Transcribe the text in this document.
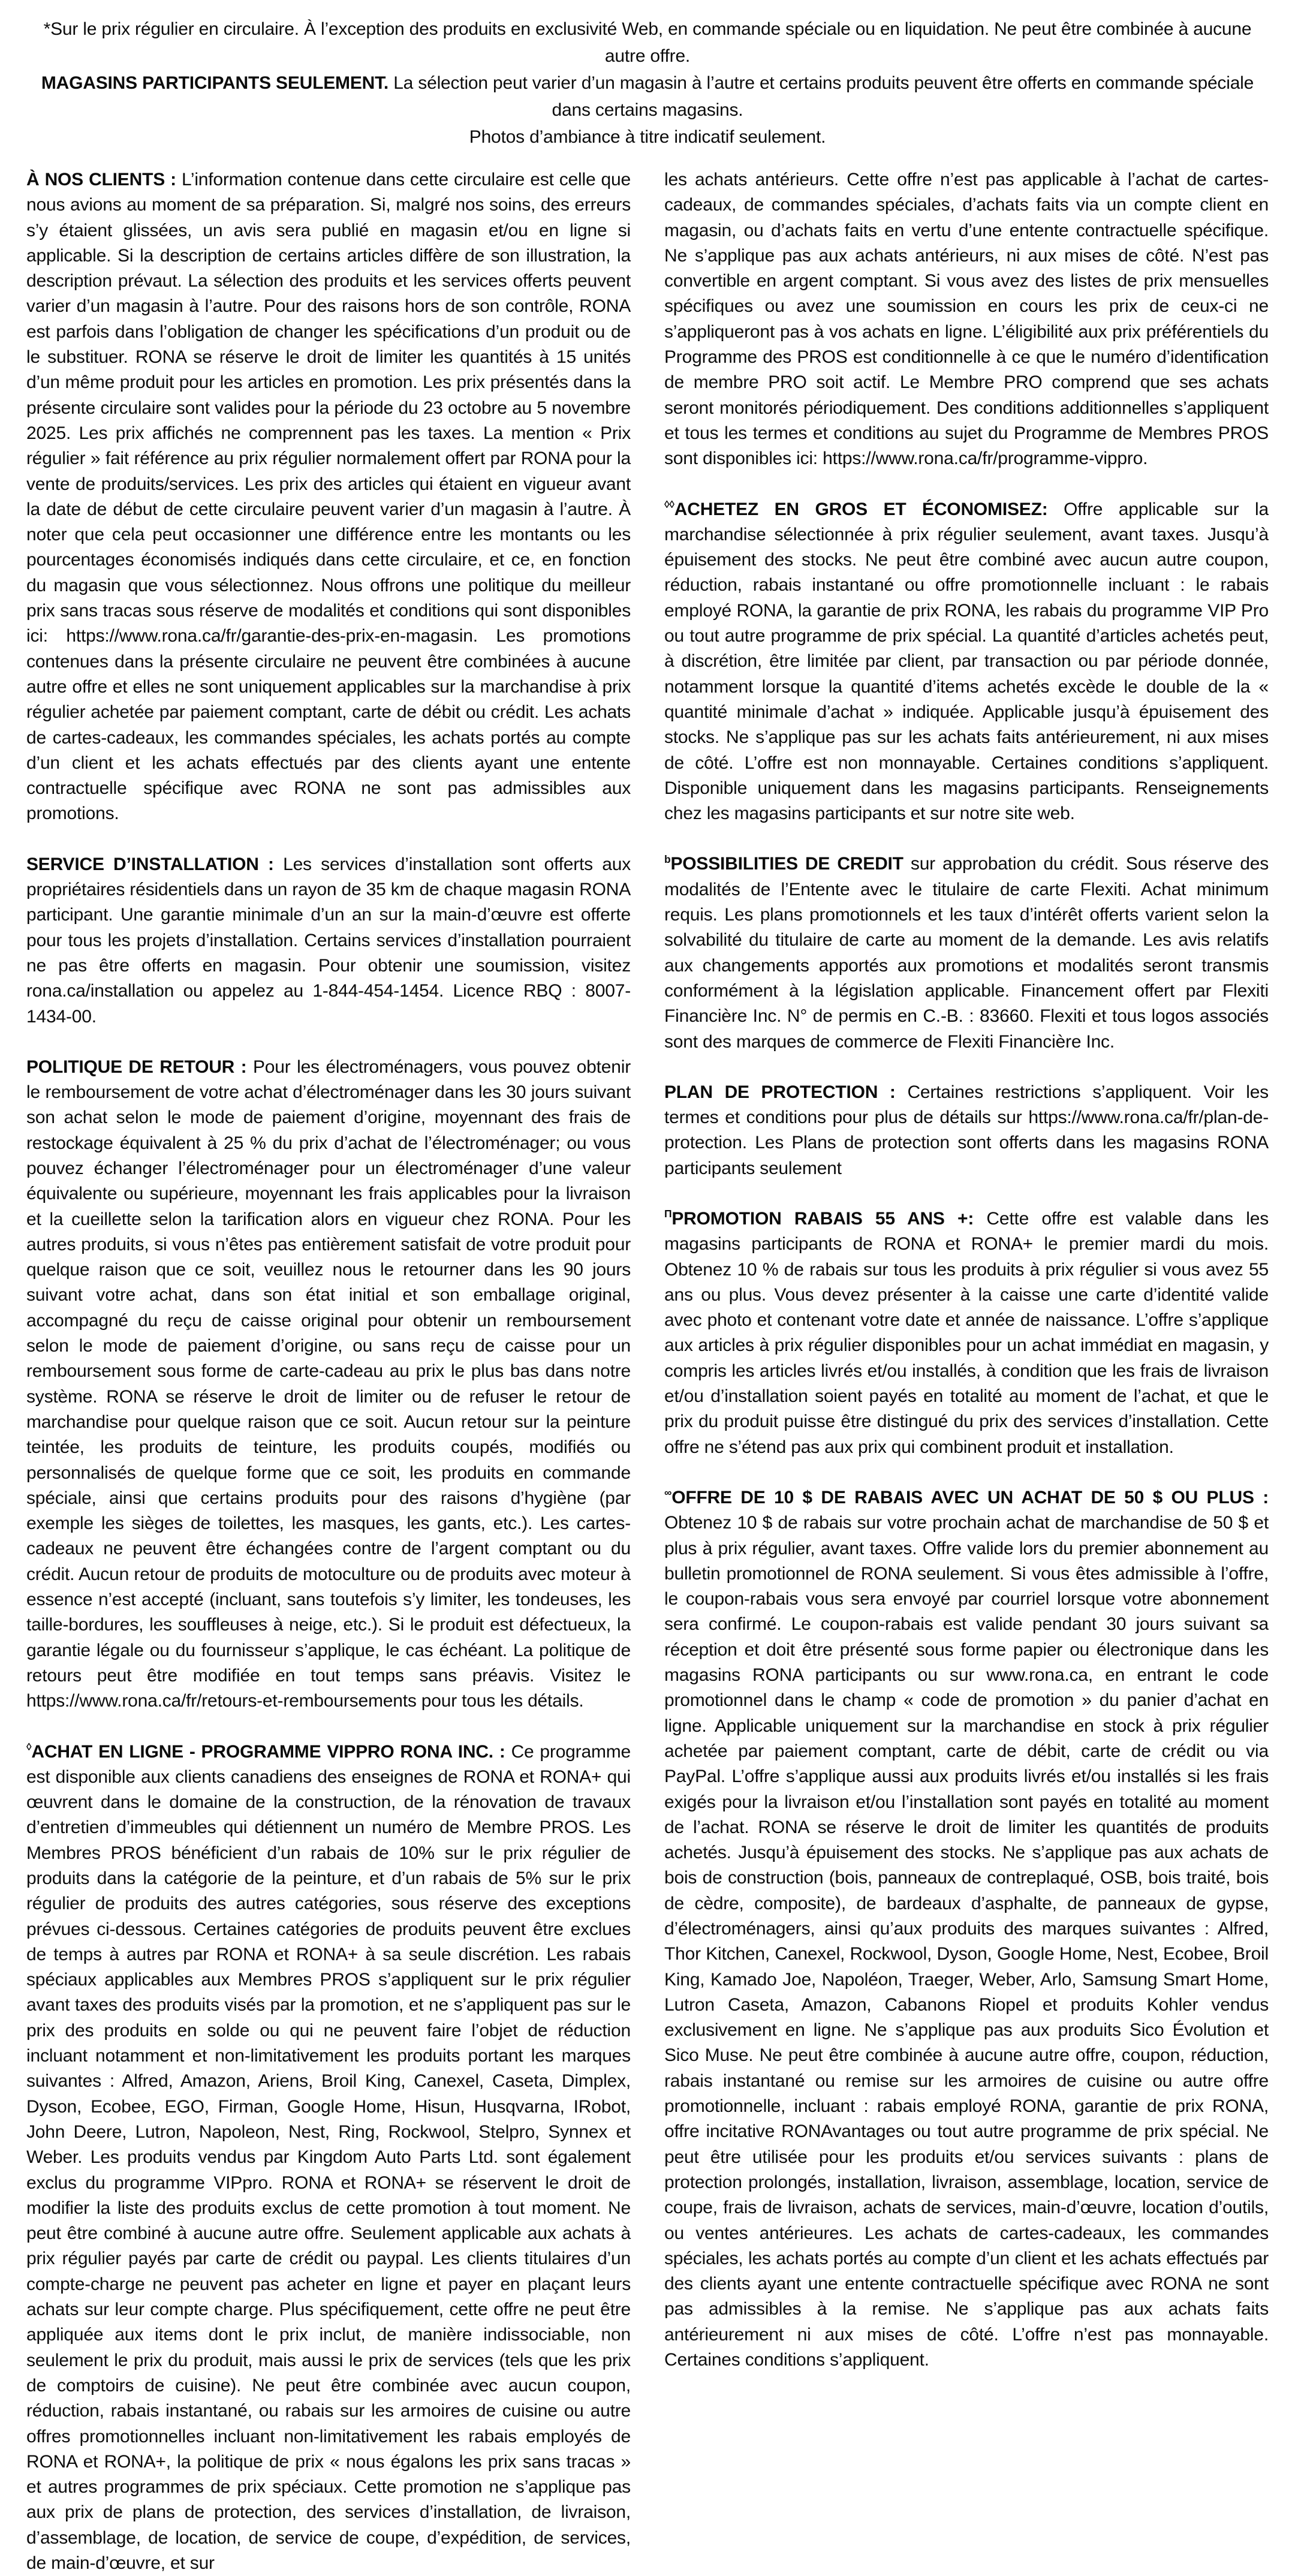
*Sur le prix régulier en circulaire. À l’exception des produits en exclusivité Web, en commande spéciale ou en liquidation. Ne peut être combinée à aucune autre offre.

MAGASINS PARTICIPANTS SEULEMENT. La sélection peut varier d’un magasin à l’autre et certains produits peuvent être offerts en commande spéciale dans certains magasins.

Photos d’ambiance à titre indicatif seulement.

À NOS CLIENTS : L’information contenue dans cette circulaire est celle que nous avions au moment de sa préparation. Si, malgré nos soins, des erreurs s’y étaient glissées, un avis sera publié en magasin et/ou en ligne si applicable. Si la description de certains articles diffère de son illustration, la description prévaut. La sélection des produits et les services offerts peuvent varier d’un magasin à l’autre. Pour des raisons hors de son contrôle, RONA est parfois dans l’obligation de changer les spécifications d’un produit ou de le substituer. RONA se réserve le droit de limiter les quantités à 15 unités d’un même produit pour les articles en promotion. Les prix présentés dans la présente circulaire sont valides pour la période du 23 octobre au 5 novembre 2025. Les prix affichés ne comprennent pas les taxes. La mention « Prix régulier » fait référence au prix régulier normalement offert par RONA pour la vente de produits/services. Les prix des articles qui étaient en vigueur avant la date de début de cette circulaire peuvent varier d’un magasin à l’autre. À noter que cela peut occasionner une différence entre les montants ou les pourcentages économisés indiqués dans cette circulaire, et ce, en fonction du magasin que vous sélectionnez. Nous offrons une politique du meilleur prix sans tracas sous réserve de modalités et conditions qui sont disponibles ici: https://www.rona.ca/fr/garantie-des-prix-en-magasin. Les promotions contenues dans la présente circulaire ne peuvent être combinées à aucune autre offre et elles ne sont uniquement applicables sur la marchandise à prix régulier achetée par paiement comptant, carte de débit ou crédit. Les achats de cartes-cadeaux, les commandes spéciales, les achats portés au compte d’un client et les achats effectués par des clients ayant une entente contractuelle spécifique avec RONA ne sont pas admissibles aux promotions.

SERVICE D’INSTALLATION : Les services d’installation sont offerts aux propriétaires résidentiels dans un rayon de 35 km de chaque magasin RONA participant. Une garantie minimale d’un an sur la main-d’œuvre est offerte pour tous les projets d’installation. Certains services d’installation pourraient ne pas être offerts en magasin. Pour obtenir une soumission, visitez rona.ca/installation ou appelez au 1-844-454-1454. Licence RBQ : 8007-1434-00.

POLITIQUE DE RETOUR : Pour les électroménagers, vous pouvez obtenir le remboursement de votre achat d’électroménager dans les 30 jours suivant son achat selon le mode de paiement d’origine, moyennant des frais de restockage équivalent à 25 % du prix d’achat de l’électroménager; ou vous pouvez échanger l’électroménager pour un électroménager d’une valeur équivalente ou supérieure, moyennant les frais applicables pour la livraison et la cueillette selon la tarification alors en vigueur chez RONA. Pour les autres produits, si vous n’êtes pas entièrement satisfait de votre produit pour quelque raison que ce soit, veuillez nous le retourner dans les 90 jours suivant votre achat, dans son état initial et son emballage original, accompagné du reçu de caisse original pour obtenir un remboursement selon le mode de paiement d’origine, ou sans reçu de caisse pour un remboursement sous forme de carte-cadeau au prix le plus bas dans notre système. RONA se réserve le droit de limiter ou de refuser le retour de marchandise pour quelque raison que ce soit. Aucun retour sur la peinture teintée, les produits de teinture, les produits coupés, modifiés ou personnalisés de quelque forme que ce soit, les produits en commande spéciale, ainsi que certains produits pour des raisons d’hygiène (par exemple les sièges de toilettes, les masques, les gants, etc.). Les cartes-cadeaux ne peuvent être échangées contre de l’argent comptant ou du crédit. Aucun retour de produits de motoculture ou de produits avec moteur à essence n’est accepté (incluant, sans toutefois s’y limiter, les tondeuses, les taille-bordures, les souffleuses à neige, etc.). Si le produit est défectueux, la garantie légale ou du fournisseur s’applique, le cas échéant. La politique de retours peut être modifiée en tout temps sans préavis. Visitez le https://www.rona.ca/fr/retours-et-remboursements pour tous les détails.

◊ACHAT EN LIGNE - PROGRAMME VIPPRO RONA INC. : Ce programme est disponible aux clients canadiens des enseignes de RONA et RONA+ qui œuvrent dans le domaine de la construction, de la rénovation de travaux d’entretien d’immeubles qui détiennent un numéro de Membre PROS. Les Membres PROS bénéficient d’un rabais de 10% sur le prix régulier de produits dans la catégorie de la peinture, et d’un rabais de 5% sur le prix régulier de produits des autres catégories, sous réserve des exceptions prévues ci-dessous. Certaines catégories de produits peuvent être exclues de temps à autres par RONA et RONA+ à sa seule discrétion. Les rabais spéciaux applicables aux Membres PROS s’appliquent sur le prix régulier avant taxes des produits visés par la promotion, et ne s’appliquent pas sur le prix des produits en solde ou qui ne peuvent faire l’objet de réduction incluant notamment et non-limitativement les produits portant les marques suivantes : Alfred, Amazon, Ariens, Broil King, Canexel, Caseta, Dimplex, Dyson, Ecobee, EGO, Firman, Google Home, Hisun, Husqvarna, IRobot, John Deere, Lutron, Napoleon, Nest, Ring, Rockwool, Stelpro, Synnex et Weber. Les produits vendus par Kingdom Auto Parts Ltd. sont également exclus du programme VIPpro. RONA et RONA+ se réservent le droit de modifier la liste des produits exclus de cette promotion à tout moment. Ne peut être combiné à aucune autre offre. Seulement applicable aux achats à prix régulier payés par carte de crédit ou paypal. Les clients titulaires d’un compte-charge ne peuvent pas acheter en ligne et payer en plaçant leurs achats sur leur compte charge. Plus spécifiquement, cette offre ne peut être appliquée aux items dont le prix inclut, de manière indissociable, non seulement le prix du produit, mais aussi le prix de services (tels que les prix de comptoirs de cuisine). Ne peut être combinée avec aucun coupon, réduction, rabais instantané, ou rabais sur les armoires de cuisine ou autre offres promotionnelles incluant non-limitativement les rabais employés de RONA et RONA+, la politique de prix « nous égalons les prix sans tracas » et autres programmes de prix spéciaux. Cette promotion ne s’applique pas aux prix de plans de protection, des services d’installation, de livraison, d’assemblage, de location, de service de coupe, d’expédition, de services, de main-d’œuvre, et sur

les achats antérieurs. Cette offre n’est pas applicable à l’achat de cartes-cadeaux, de commandes spéciales, d’achats faits via un compte client en magasin, ou d’achats faits en vertu d’une entente contractuelle spécifique. Ne s’applique pas aux achats antérieurs, ni aux mises de côté. N’est pas convertible en argent comptant. Si vous avez des listes de prix mensuelles spécifiques ou avez une soumission en cours les prix de ceux-ci ne s’appliqueront pas à vos achats en ligne. L’éligibilité aux prix préférentiels du Programme des PROS est conditionnelle à ce que le numéro d’identification de membre PRO soit actif. Le Membre PRO comprend que ses achats seront monitorés périodiquement. Des conditions additionnelles s’appliquent et tous les termes et conditions au sujet du Programme de Membres PROS sont disponibles ici: https://www.rona.ca/fr/programme-vippro.

◊◊ACHETEZ EN GROS ET ÉCONOMISEZ: Offre applicable sur la marchandise sélectionnée à prix régulier seulement, avant taxes. Jusqu’à épuisement des stocks. Ne peut être combiné avec aucun autre coupon, réduction, rabais instantané ou offre promotionnelle incluant : le rabais employé RONA, la garantie de prix RONA, les rabais du programme VIP Pro ou tout autre programme de prix spécial. La quantité d’articles achetés peut, à discrétion, être limitée par client, par transaction ou par période donnée, notamment lorsque la quantité d’items achetés excède le double de la « quantité minimale d’achat » indiquée. Applicable jusqu’à épuisement des stocks. Ne s’applique pas sur les achats faits antérieurement, ni aux mises de côté. L’offre est non monnayable. Certaines conditions s’appliquent. Disponible uniquement dans les magasins participants. Renseignements chez les magasins participants et sur notre site web.

$^b$POSSIBILITIES DE CREDIT sur approbation du crédit. Sous réserve des modalités de l’Entente avec le titulaire de carte Flexiti. Achat minimum requis. Les plans promotionnels et les taux d’intérêt offerts varient selon la solvabilité du titulaire de carte au moment de la demande. Les avis relatifs aux changements apportés aux promotions et modalités seront transmis conformément à la législation applicable. Financement offert par Flexiti Financière Inc. N° de permis en C.-B. : 83660. Flexiti et tous logos associés sont des marques de commerce de Flexiti Financière Inc.

PLAN DE PROTECTION : Certaines restrictions s’appliquent. Voir les termes et conditions pour plus de détails sur https://www.rona.ca/fr/plan-de-protection. Les Plans de protection sont offerts dans les magasins RONA participants seulement

$^\Pi$PROMOTION RABAIS 55 ANS +: Cette offre est valable dans les magasins participants de RONA et RONA+ le premier mardi du mois. Obtenez 10 % de rabais sur tous les produits à prix régulier si vous avez 55 ans ou plus. Vous devez présenter à la caisse une carte d’identité valide avec photo et contenant votre date et année de naissance. L’offre s’applique aux articles à prix régulier disponibles pour un achat immédiat en magasin, y compris les articles livrés et/ou installés, à condition que les frais de livraison et/ou d’installation soient payés en totalité au moment de l’achat, et que le prix du produit puisse être distingué du prix des services d’installation. Cette offre ne s’étend pas aux prix qui combinent produit et installation.

∞OFFRE DE 10 $ DE RABAIS AVEC UN ACHAT DE 50 $ OU PLUS : Obtenez 10 $ de rabais sur votre prochain achat de marchandise de 50 $ et plus à prix régulier, avant taxes. Offre valide lors du premier abonnement au bulletin promotionnel de RONA seulement. Si vous êtes admissible à l’offre, le coupon-rabais vous sera envoyé par courriel lorsque votre abonnement sera confirmé. Le coupon-rabais est valide pendant 30 jours suivant sa réception et doit être présenté sous forme papier ou électronique dans les magasins RONA participants ou sur www.rona.ca, en entrant le code promotionnel dans le champ « code de promotion » du panier d’achat en ligne. Applicable uniquement sur la marchandise en stock à prix régulier achetée par paiement comptant, carte de débit, carte de crédit ou via PayPal. L’offre s’applique aussi aux produits livrés et/ou installés si les frais exigés pour la livraison et/ou l’installation sont payés en totalité au moment de l’achat. RONA se réserve le droit de limiter les quantités de produits achetés. Jusqu’à épuisement des stocks. Ne s’applique pas aux achats de bois de construction (bois, panneaux de contreplaqué, OSB, bois traité, bois de cèdre, composite), de bardeaux d’asphalte, de panneaux de gypse, d’électroménagers, ainsi qu’aux produits des marques suivantes : Alfred, Thor Kitchen, Canexel, Rockwool, Dyson, Google Home, Nest, Ecobee, Broil King, Kamado Joe, Napoléon, Traeger, Weber, Arlo, Samsung Smart Home, Lutron Caseta, Amazon, Cabanons Riopel et produits Kohler vendus exclusivement en ligne. Ne s’applique pas aux produits Sico Évolution et Sico Muse. Ne peut être combinée à aucune autre offre, coupon, réduction, rabais instantané ou remise sur les armoires de cuisine ou autre offre promotionnelle, incluant : rabais employé RONA, garantie de prix RONA, offre incitative RONAvantages ou tout autre programme de prix spécial. Ne peut être utilisée pour les produits et/ou services suivants : plans de protection prolongés, installation, livraison, assemblage, location, service de coupe, frais de livraison, achats de services, main-d’œuvre, location d’outils, ou ventes antérieures. Les achats de cartes-cadeaux, les commandes spéciales, les achats portés au compte d’un client et les achats effectués par des clients ayant une entente contractuelle spécifique avec RONA ne sont pas admissibles à la remise. Ne s’applique pas aux achats faits antérieurement ni aux mises de côté. L’offre n’est pas monnayable. Certaines conditions s’appliquent.
